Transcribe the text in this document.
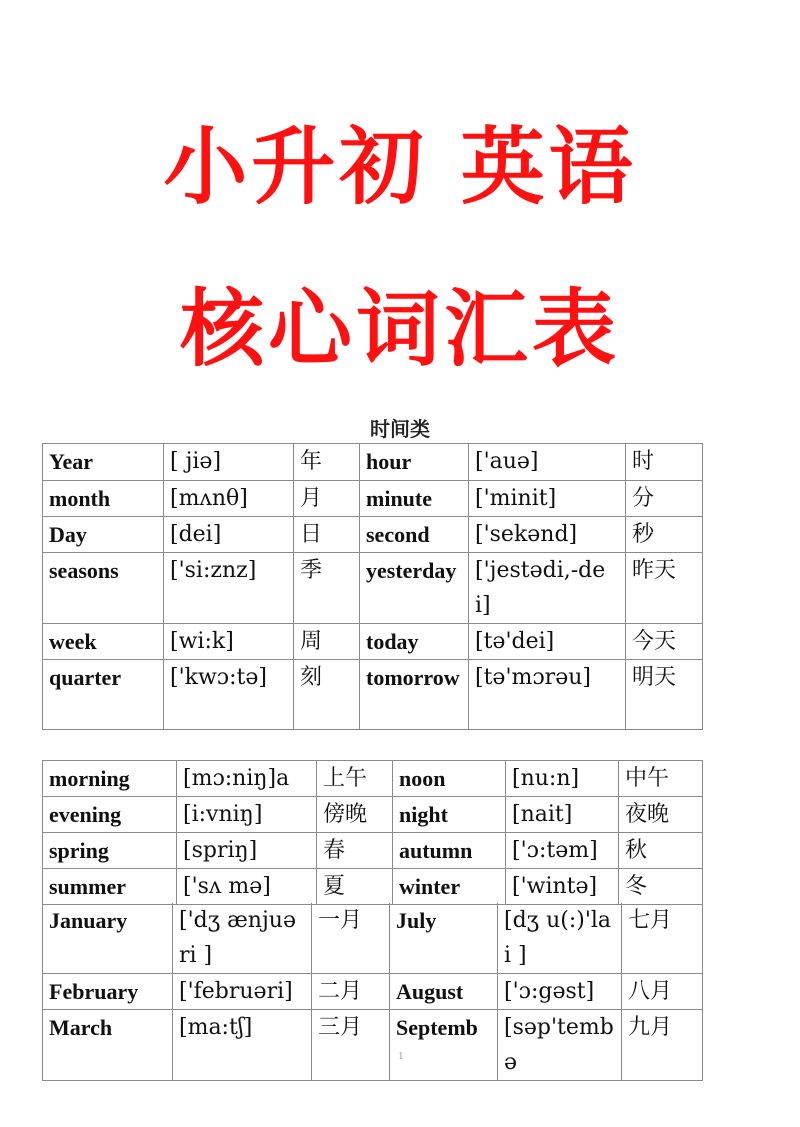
小升初 英语
核心词汇表
时间类
Year	[ jiə]	年	hour	['auə]	时
month	[mʌnθ]	月	minute	['minit]	分
Day	[dei]	日	second	['sekənd]	秒
seasons	['si:znz]	季	yesterday	['jestədi,-dei]	昨天
week	[wi:k]	周	today	[tə'dei]	今天
quarter	['kwɔ:tə]	刻	tomorrow	[tə'mɔrəu]	明天
morning	[mɔ:niŋ]a	上午	noon	[nu:n]	中午
evening	[i:vniŋ]	傍晚	night	[nait]	夜晚
spring	[spriŋ]	春	autumn	['ɔ:təm]	秋
summer	['sʌ mə]	夏	winter	['wintə]	冬
January	['dʒ ænjuəri ]	一月	July	[dʒ u(:)'lai ]	七月
February	['februəri]	二月	August	['ɔ:gəst]	八月
March	[ma:tʃ]	三月	Septemb	[səp'tembə	九月
1
